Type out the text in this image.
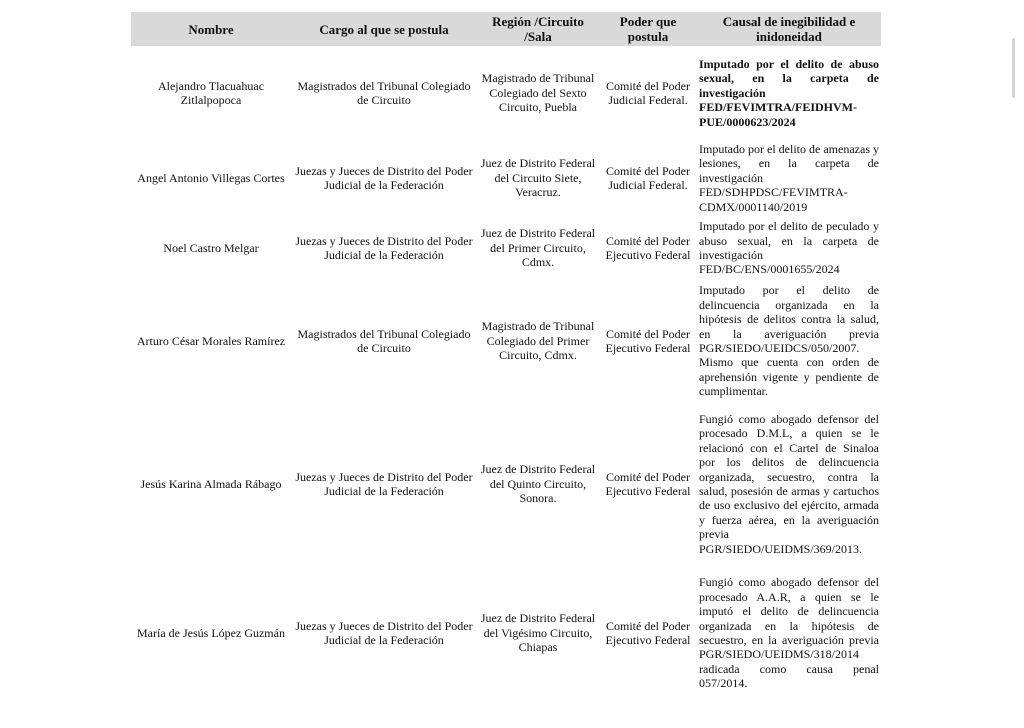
Nombre	Cargo al que se postula	Región /Circuito /Sala	Poder que postula	Causal de inegibilidad e inidoneidad
Alejandro Tlacuahuac Zitlalpopoca	Magistrados del Tribunal Colegiado de Circuito	Magistrado de Tribunal Colegiado del Sexto Circuito, Puebla	Comité del Poder Judicial Federal.	Imputado por el delito de abuso sexual, en la carpeta de investigación FED/FEVIMTRA/FEIDHVM-PUE/0000623/2024
Angel Antonio Villegas Cortes	Juezas y Jueces de Distrito del Poder Judicial de la Federación	Juez de Distrito Federal del Circuito Siete, Veracruz.	Comité del Poder Judicial Federal.	Imputado por el delito de amenazas y lesiones, en la carpeta de investigación FED/SDHPDSC/FEVIMTRA-CDMX/0001140/2019
Noel Castro Melgar	Juezas y Jueces de Distrito del Poder Judicial de la Federación	Juez de Distrito Federal del Primer Circuito, Cdmx.	Comité del Poder Ejecutivo Federal	Imputado por el delito de peculado y abuso sexual, en la carpeta de investigación FED/BC/ENS/0001655/2024
Arturo César Morales Ramírez	Magistrados del Tribunal Colegiado de Circuito	Magistrado de Tribunal Colegiado del Primer Circuito, Cdmx.	Comité del Poder Ejecutivo Federal	Imputado por el delito de delincuencia organizada en la hipótesis de delitos contra la salud, en la averiguación previa PGR/SIEDO/UEIDCS/050/2007. Mismo que cuenta con orden de aprehensión vigente y pendiente de cumplimentar.
Jesús Karina Almada Rábago	Juezas y Jueces de Distrito del Poder Judicial de la Federación	Juez de Distrito Federal del Quinto Circuito, Sonora.	Comité del Poder Ejecutivo Federal	Fungió como abogado defensor del procesado D.M.L, a quien se le relacionó con el Cartel de Sinaloa por los delitos de delincuencia organizada, secuestro, contra la salud, posesión de armas y cartuchos de uso exclusivo del ejército, armada y fuerza aérea, en la averiguación previa PGR/SIEDO/UEIDMS/369/2013.
María de Jesús López Guzmán	Juezas y Jueces de Distrito del Poder Judicial de la Federación	Juez de Distrito Federal del Vigésimo Circuito, Chiapas	Comité del Poder Ejecutivo Federal	Fungió como abogado defensor del procesado A.A.R, a quien se le imputó el delito de delincuencia organizada en la hipótesis de secuestro, en la averiguación previa PGR/SIEDO/UEIDMS/318/2014 radicada como causa penal 057/2014.
